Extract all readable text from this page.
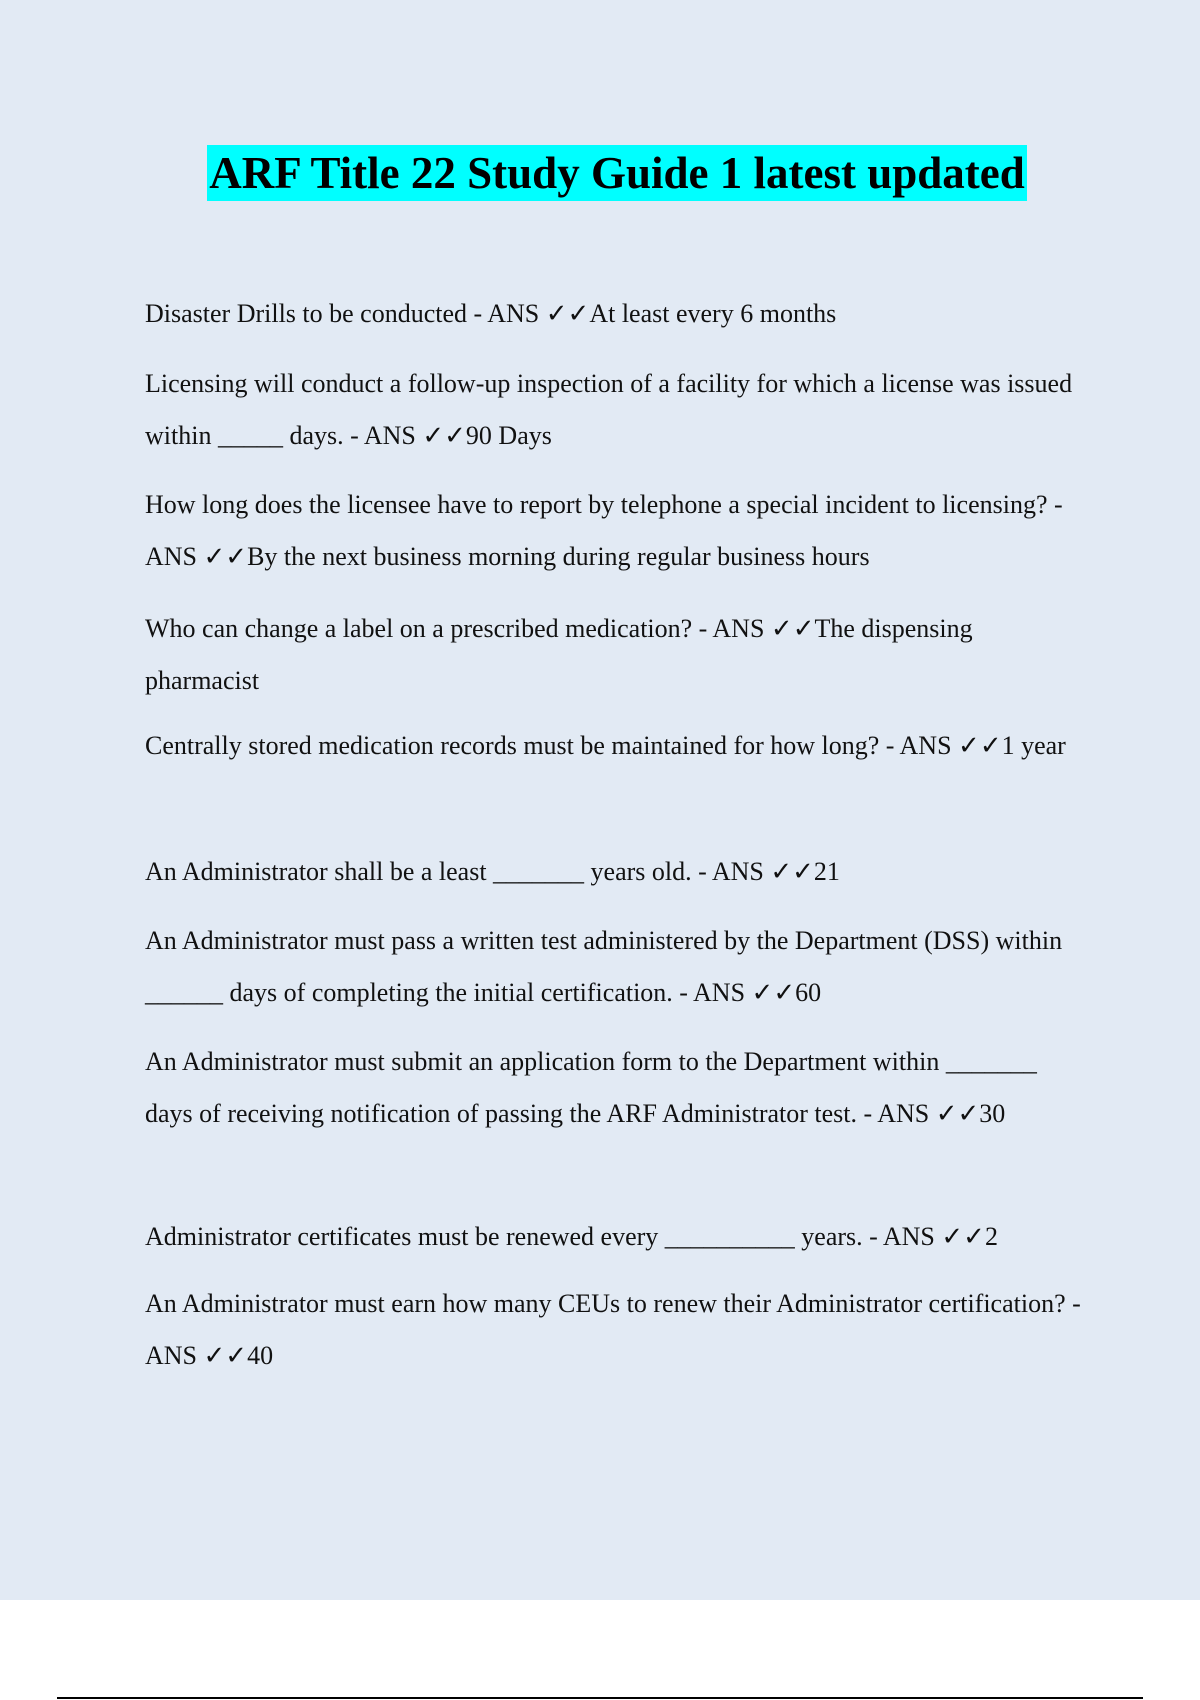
ARF Title 22 Study Guide 1 latest updated

Disaster Drills to be conducted - ANS ✓✓At least every 6 months

Licensing will conduct a follow-up inspection of a facility for which a license was issued within _____ days. - ANS ✓✓90 Days

How long does the licensee have to report by telephone a special incident to licensing? - ANS ✓✓By the next business morning during regular business hours

Who can change a label on a prescribed medication? - ANS ✓✓The dispensing pharmacist

Centrally stored medication records must be maintained for how long? - ANS ✓✓1 year

An Administrator shall be a least _______ years old. - ANS ✓✓21

An Administrator must pass a written test administered by the Department (DSS) within ______ days of completing the initial certification. - ANS ✓✓60

An Administrator must submit an application form to the Department within _______ days of receiving notification of passing the ARF Administrator test. - ANS ✓✓30

Administrator certificates must be renewed every __________ years. - ANS ✓✓2

An Administrator must earn how many CEUs to renew their Administrator certification? - ANS ✓✓40
